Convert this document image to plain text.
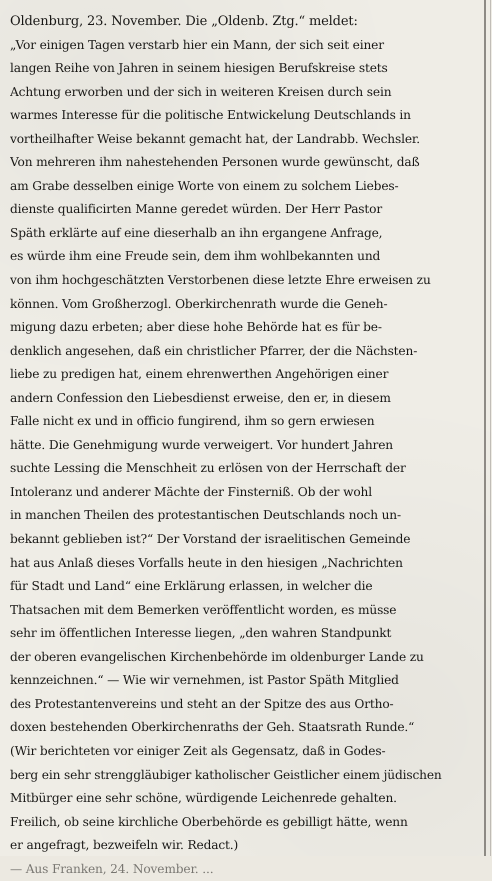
Oldenburg, 23. November. Die „Oldenb. Ztg.“ meldet:
„Vor einigen Tagen verstarb hier ein Mann, der sich seit einer
langen Reihe von Jahren in seinem hiesigen Berufskreise stets
Achtung erworben und der sich in weiteren Kreisen durch sein
warmes Interesse für die politische Entwickelung Deutschlands in
vortheilhafter Weise bekannt gemacht hat, der Landrabb. Wechsler.
Von mehreren ihm nahestehenden Personen wurde gewünscht, daß
am Grabe desselben einige Worte von einem zu solchem Liebes-
dienste qualificirten Manne geredet würden. Der Herr Pastor
Späth erklärte auf eine dieserhalb an ihn ergangene Anfrage,
es würde ihm eine Freude sein, dem ihm wohlbekannten und
von ihm hochgeschätzten Verstorbenen diese letzte Ehre erweisen zu
können. Vom Großherzogl. Oberkirchenrath wurde die Geneh-
migung dazu erbeten; aber diese hohe Behörde hat es für be-
denklich angesehen, daß ein christlicher Pfarrer, der die Nächsten-
liebe zu predigen hat, einem ehrenwerthen Angehörigen einer
andern Confession den Liebesdienst erweise, den er, in diesem
Falle nicht ex und in officio fungirend, ihm so gern erwiesen
hätte. Die Genehmigung wurde verweigert. Vor hundert Jahren
suchte Lessing die Menschheit zu erlösen von der Herrschaft der
Intoleranz und anderer Mächte der Finsterniß. Ob der wohl
in manchen Theilen des protestantischen Deutschlands noch un-
bekannt geblieben ist?“ Der Vorstand der israelitischen Gemeinde
hat aus Anlaß dieses Vorfalls heute in den hiesigen „Nachrichten
für Stadt und Land“ eine Erklärung erlassen, in welcher die
Thatsachen mit dem Bemerken veröffentlicht worden, es müsse
sehr im öffentlichen Interesse liegen, „den wahren Standpunkt
der oberen evangelischen Kirchenbehörde im oldenburger Lande zu
kennzeichnen.“ — Wie wir vernehmen, ist Pastor Späth Mitglied
des Protestantenvereins und steht an der Spitze des aus Ortho-
doxen bestehenden Oberkirchenraths der Geh. Staatsrath Runde.“
(Wir berichteten vor einiger Zeit als Gegensatz, daß in Godes-
berg ein sehr strenggläubiger katholischer Geistlicher einem jüdischen
Mitbürger eine sehr schöne, würdigende Leichenrede gehalten.
Freilich, ob seine kirchliche Oberbehörde es gebilligt hätte, wenn
er angefragt, bezweifeln wir. Redact.)
— Aus Franken, 24. November. ...
